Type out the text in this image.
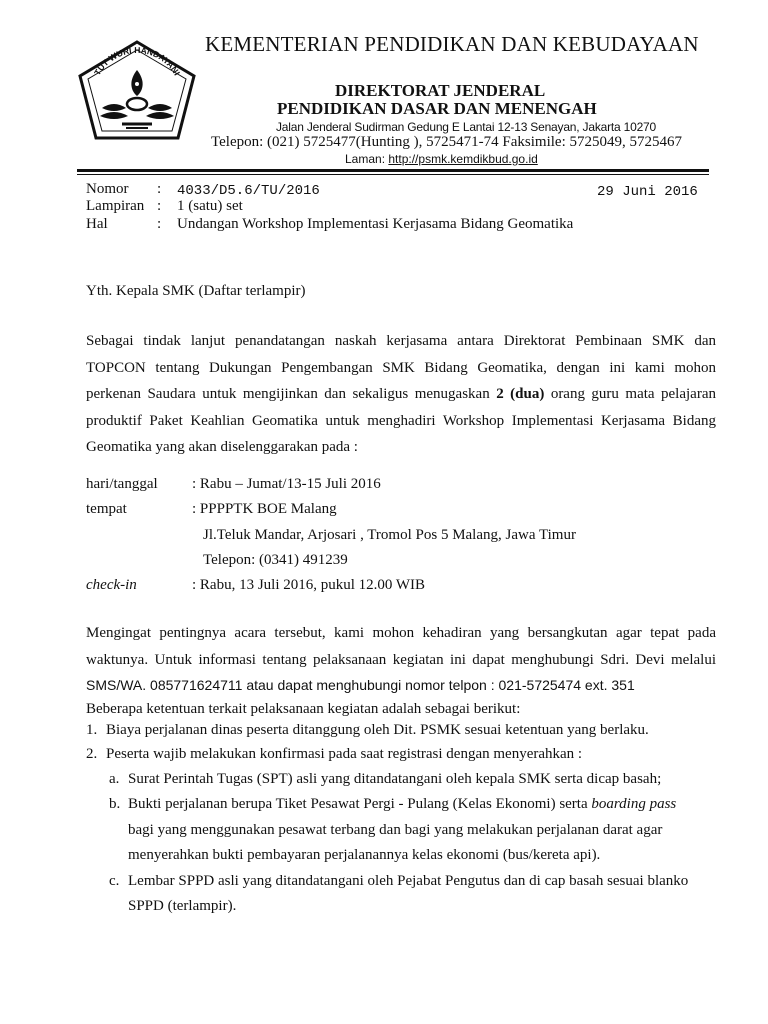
TUT WURI HANDAYANI
KEMENTERIAN PENDIDIKAN DAN KEBUDAYAAN
DIREKTORAT JENDERAL
PENDIDIKAN DASAR DAN MENENGAH
Jalan Jenderal Sudirman Gedung E Lantai 12-13 Senayan, Jakarta 10270
Telepon: (021) 5725477(Hunting ), 5725471-74 Faksimile: 5725049, 5725467
Laman: http://psmk.kemdikbud.go.id
Nomor : 4033/D5.6/TU/2016	29 Juni 2016
Lampiran : 1 (satu) set
Hal	: Undangan Workshop Implementasi Kerjasama Bidang Geomatika
Yth. Kepala SMK (Daftar terlampir)
Sebagai tindak lanjut penandatangan naskah kerjasama antara Direktorat Pembinaan SMK dan
TOPCON tentang Dukungan Pengembangan SMK Bidang Geomatika, dengan ini kami mohon
perkenan Saudara untuk mengijinkan dan sekaligus menugaskan 2 (dua) orang guru mata pelajaran
produktif Paket Keahlian Geomatika untuk menghadiri Workshop Implementasi Kerjasama Bidang
Geomatika yang akan diselenggarakan pada :
hari/tanggal : Rabu – Jumat/13-15 Juli 2016
tempat	: PPPPTK BOE Malang
Jl.Teluk Mandar, Arjosari , Tromol Pos 5 Malang, Jawa Timur
Telepon: (0341) 491239
check-in	: Rabu, 13 Juli 2016, pukul 12.00 WIB
Mengingat pentingnya acara tersebut, kami mohon kehadiran yang bersangkutan agar tepat pada
waktunya. Untuk informasi tentang pelaksanaan kegiatan ini dapat menghubungi Sdri. Devi melalui
SMS/WA. 085771624711 atau dapat menghubungi nomor telpon : 021-5725474 ext. 351
Beberapa ketentuan terkait pelaksanaan kegiatan adalah sebagai berikut:
1. Biaya perjalanan dinas peserta ditanggung oleh Dit. PSMK sesuai ketentuan yang berlaku.
2. Peserta wajib melakukan konfirmasi pada saat registrasi dengan menyerahkan :
a. Surat Perintah Tugas (SPT) asli yang ditandatangani oleh kepala SMK serta dicap basah;
b. Bukti perjalanan berupa Tiket Pesawat Pergi - Pulang (Kelas Ekonomi) serta boarding pass
bagi yang menggunakan pesawat terbang dan bagi yang melakukan perjalanan darat agar
menyerahkan bukti pembayaran perjalanannya kelas ekonomi (bus/kereta api).
c. Lembar SPPD asli yang ditandatangani oleh Pejabat Pengutus dan di cap basah sesuai blanko
SPPD (terlampir).
